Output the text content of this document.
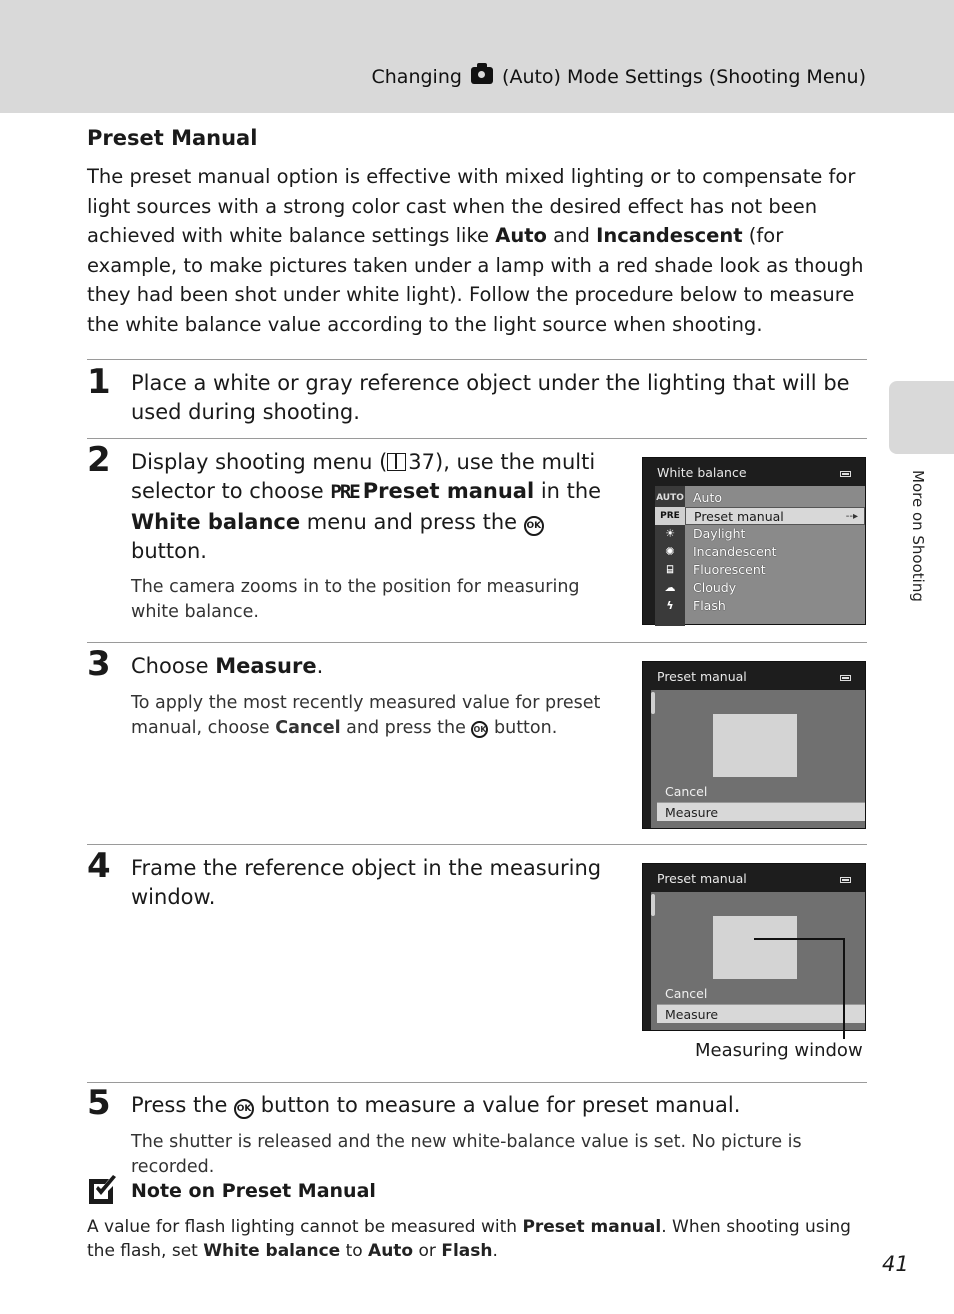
Changing (Auto) Mode Settings (Shooting Menu)
More on Shooting
Preset Manual

The preset manual option is effective with mixed lighting or to compensate for light sources with a strong color cast when the desired effect has not been achieved with white balance settings like Auto and Incandescent (for example, to make pictures taken under a lamp with a red shade look as though they had been shot under white light). Follow the procedure below to measure the white balance value according to the light source when shooting.

1 Place a white or gray reference object under the lighting that will be used during shooting.
2 Display shooting menu ( 37), use the multi selector to choose PRE Preset manual in the White balance menu and press the OK button.
The camera zooms in to the position for measuring white balance.
White balance
Auto
Preset manual	--▸
Daylight
Incandescent
Fluorescent
Cloudy
Flash
AUTO
PRE
☀
✺
⌸
☁
ϟ
3 Choose Measure.
To apply the most recently measured value for preset manual, choose Cancel and press the OK button.
Preset manual
Cancel
Measure
4 Frame the reference object in the measuring window.
Preset manual
Cancel
Measure
Measuring window
5 Press the OK button to measure a value for preset manual.
The shutter is released and the new white-balance value is set. No picture is recorded.
Note on Preset Manual

A value for flash lighting cannot be measured with Preset manual. When shooting using the flash, set White balance to Auto or Flash.

41
